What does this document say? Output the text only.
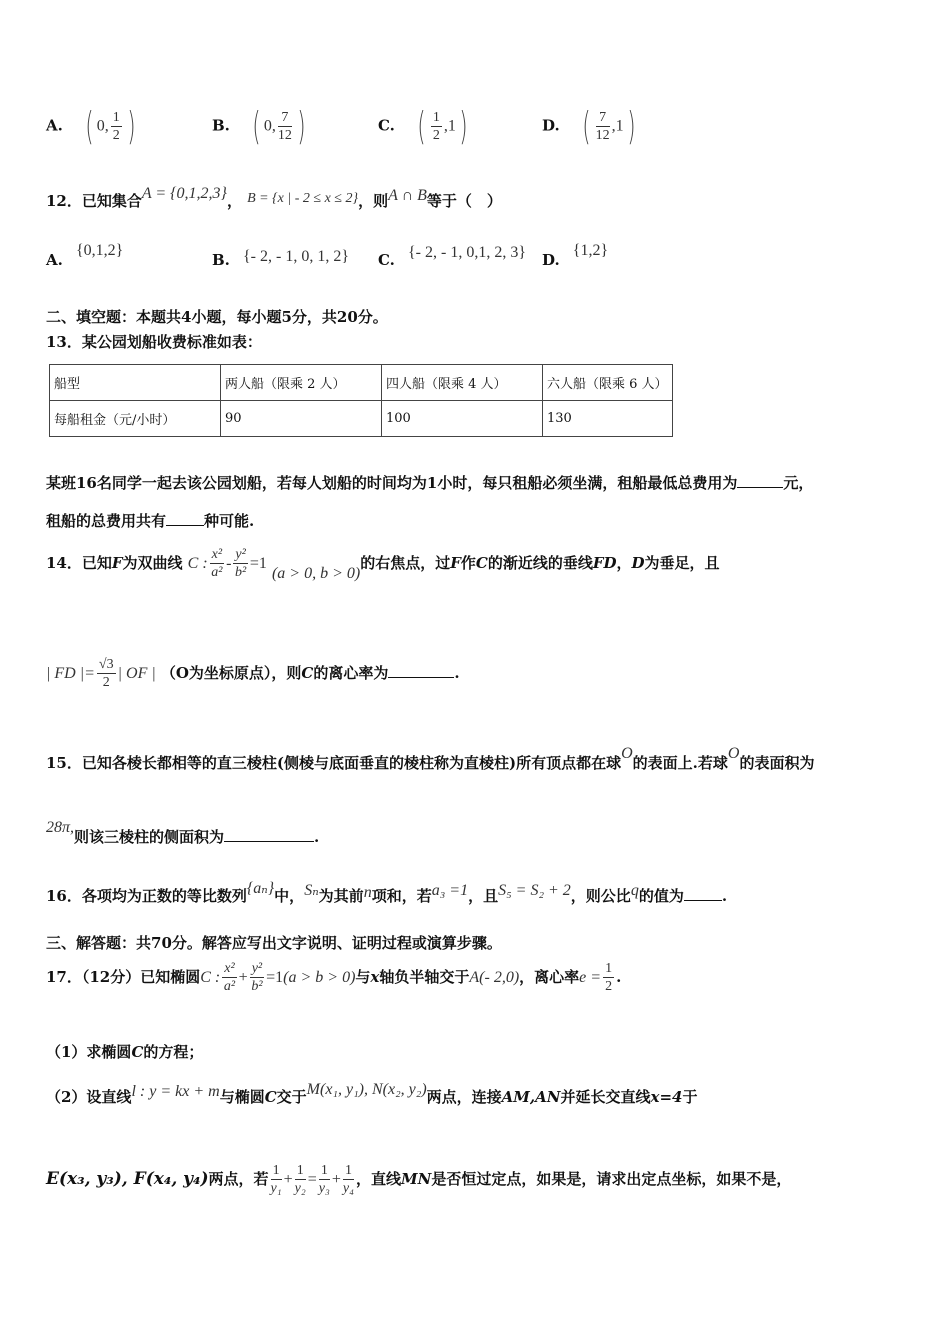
A. ( 0, $\frac{1}{2}$ )	B. ( 0, $\frac{7}{12}$ )	C. ( $\frac{1}{2} ,1$)	D. ( $\frac{7}{12} ,1$)
12．已知集合A = {0,1,2,3}， B = {x | - 2 ≤ x ≤ 2}，则A ∩ B等于（　）
A. {0,1,2}
B. {- 2, - 1, 0, 1, 2} C. {- 2, - 1, 0,1, 2, 3} D. {1,2}
二、填空题：本题共4小题，每小题5分，共20分。
13．某公园划船收费标准如表：
船型	两人船（限乘 2 人）	四人船（限乘 4 人）	六人船（限乘 6 人）
每船租金（元/小时）	90	100	130
某班16名同学一起去该公园划船，若每人划船的时间均为1小时，每只租船必须坐满，租船最低总费用为	元，
租船的总费用共有	种可能.
14．已知F为双曲线 C : $\frac{\text{x²}}{\text{a²}} - \frac{\text{y²}}{\text{b²}} =1$ (a > 0, b > 0)的右焦点，过F作C的渐近线的垂线FD，D为垂足，且
| FD |= $\frac{√3}{2}$ | OF | （O为坐标原点），则C的离心率为	.
15．已知各棱长都相等的直三棱柱(侧棱与底面垂直的棱柱称为直棱柱)所有顶点都在球O的表面上.若球O的表面积为
28π,则该三棱柱的侧面积为	.
16．各项均为正数的等比数列{aₙ}中，Sₙ为其前n项和，若a₃ =1，且S₅ = S₂ + 2，则公比q的值为	.
三、解答题：共70分。解答应写出文字说明、证明过程或演算步骤。
17．（12分）已知椭圆C : $\frac{\text{x²}}{\text{a²}} + \frac{\text{y²}}{\text{b²}} =1(a > b > 0)$与x轴负半轴交于A(- 2,0)，离心率$e = \frac{1}{2}$ .
（1）求椭圆C的方程；
（2）设直线l : y = kx + m与椭圆C交于M(x₁, y₁), N(x₂, y₂)两点，连接AM,AN并延长交直线x=4于
E(x₃, y₃), F(x₄, y₄)两点，若 $\frac{1}{\text{y₁}} + \frac{1}{\text{y₂}} = \frac{1}{\text{y₃}} + \frac{1}{\text{y₄}}$ ，直线MN是否恒过定点，如果是，请求出定点坐标，如果不是，
